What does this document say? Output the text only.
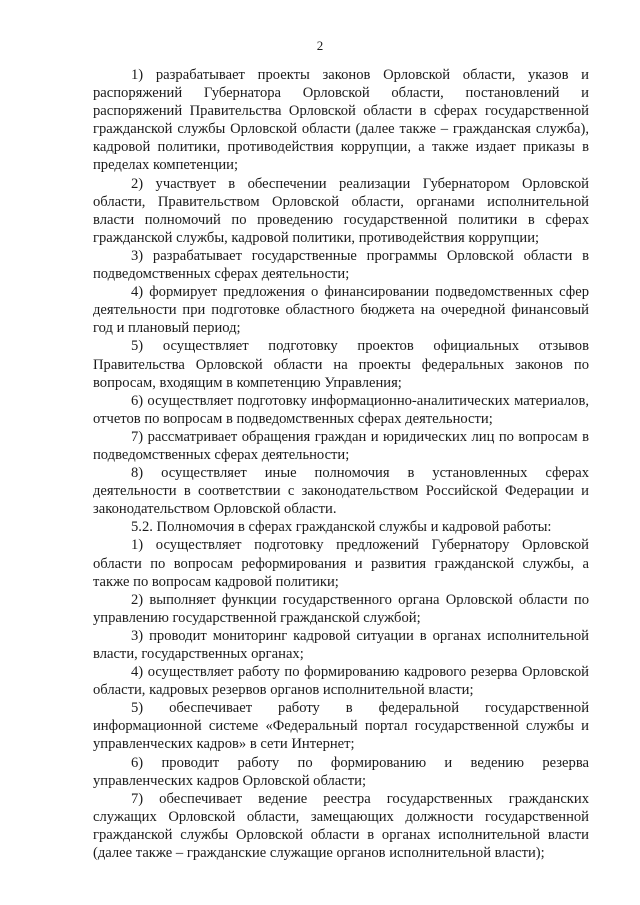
2

1) разрабатывает проекты законов Орловской области, указов и распоряжений Губернатора Орловской области, постановлений и распоряжений Правительства Орловской области в сферах государственной гражданской службы Орловской области (далее также – гражданская служба), кадровой политики, противодействия коррупции, а также издает приказы в пределах компетенции;

2) участвует в обеспечении реализации Губернатором Орловской области, Правительством Орловской области, органами исполнительной власти полномочий по проведению государственной политики в сферах гражданской службы, кадровой политики, противодействия коррупции;

3) разрабатывает государственные программы Орловской области в подведомственных сферах деятельности;

4) формирует предложения о финансировании подведомственных сфер деятельности при подготовке областного бюджета на очередной финансовый год и плановый период;

5) осуществляет подготовку проектов официальных отзывов Правительства Орловской области на проекты федеральных законов по вопросам, входящим в компетенцию Управления;

6) осуществляет подготовку информационно-аналитических материалов, отчетов по вопросам в подведомственных сферах деятельности;

7) рассматривает обращения граждан и юридических лиц по вопросам в подведомственных сферах деятельности;

8) осуществляет иные полномочия в установленных сферах деятельности в соответствии с законодательством Российской Федерации и законодательством Орловской области.

5.2. Полномочия в сферах гражданской службы и кадровой работы:

1) осуществляет подготовку предложений Губернатору Орловской области по вопросам реформирования и развития гражданской службы, а также по вопросам кадровой политики;

2) выполняет функции государственного органа Орловской области по управлению государственной гражданской службой;

3) проводит мониторинг кадровой ситуации в органах исполнительной власти, государственных органах;

4) осуществляет работу по формированию кадрового резерва Орловской области, кадровых резервов органов исполнительной власти;

5) обеспечивает работу в федеральной государственной информационной системе «Федеральный портал государственной службы и управленческих кадров» в сети Интернет;

6) проводит работу по формированию и ведению резерва управленческих кадров Орловской области;

7) обеспечивает ведение реестра государственных гражданских служащих Орловской области, замещающих должности государственной гражданской службы Орловской области в органах исполнительной власти (далее также – гражданские служащие органов исполнительной власти);
